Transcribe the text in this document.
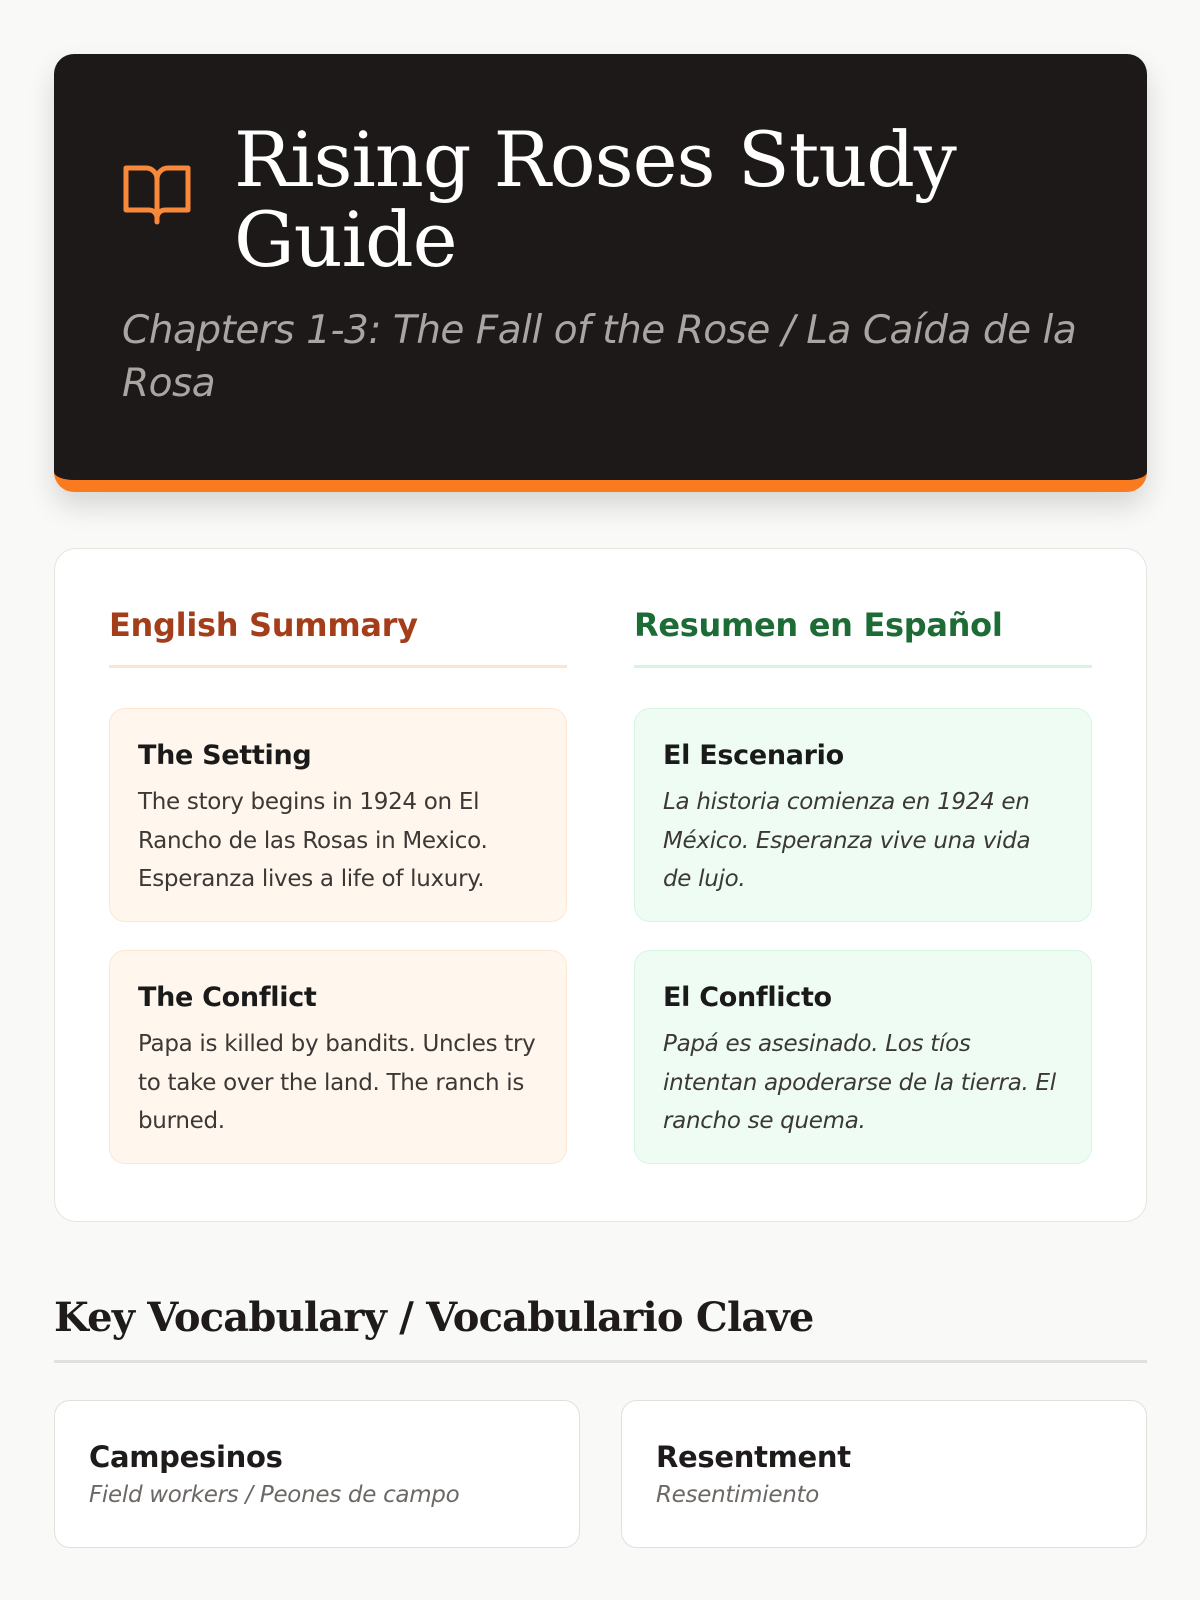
Rising Roses Study Guide

Chapters 1-3: The Fall of the Rose / La Caída de la Rosa

English Summary
The Setting
The story begins in 1924 on El Rancho de las Rosas in Mexico. Esperanza lives a life of luxury.
The Conflict
Papa is killed by bandits. Uncles try to take over the land. The ranch is burned.
Resumen en Español
El Escenario
La historia comienza en 1924 en México. Esperanza vive una vida de lujo.
El Conflicto
Papá es asesinado. Los tíos intentan apoderarse de la tierra. El rancho se quema.
Key Vocabulary / Vocabulario Clave
Campesinos
Field workers / Peones de campo
Resentment
Resentimiento
